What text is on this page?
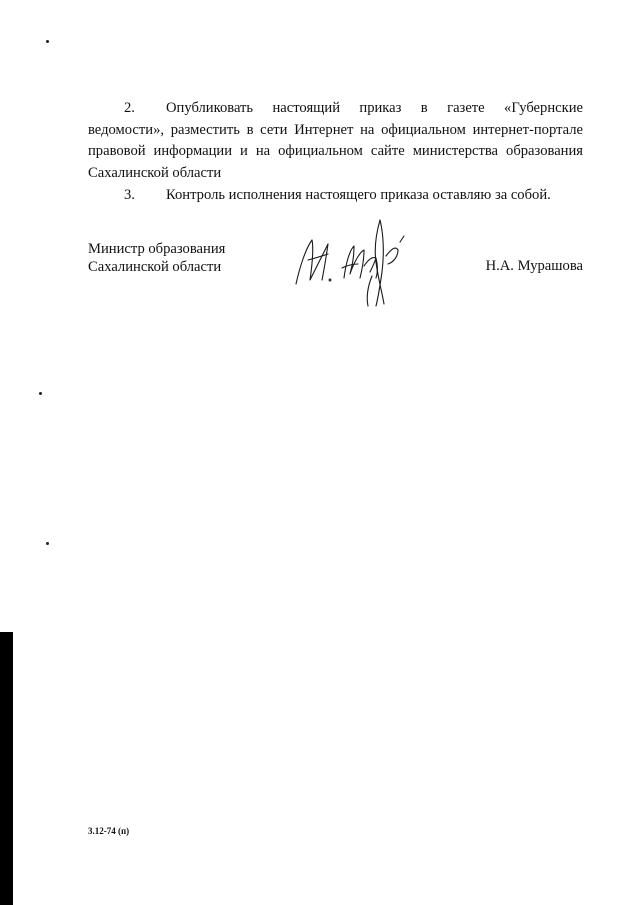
2. Опубликовать настоящий приказ в газете «Губернские ведомости», разместить в сети Интернет на официальном интернет-портале правовой информации и на официальном сайте министерства образования Сахалинской области
3. Контроль исполнения настоящего приказа оставляю за собой.
Министр образования
Сахалинской области	Н.А. Мурашова
3.12-74 (п)
